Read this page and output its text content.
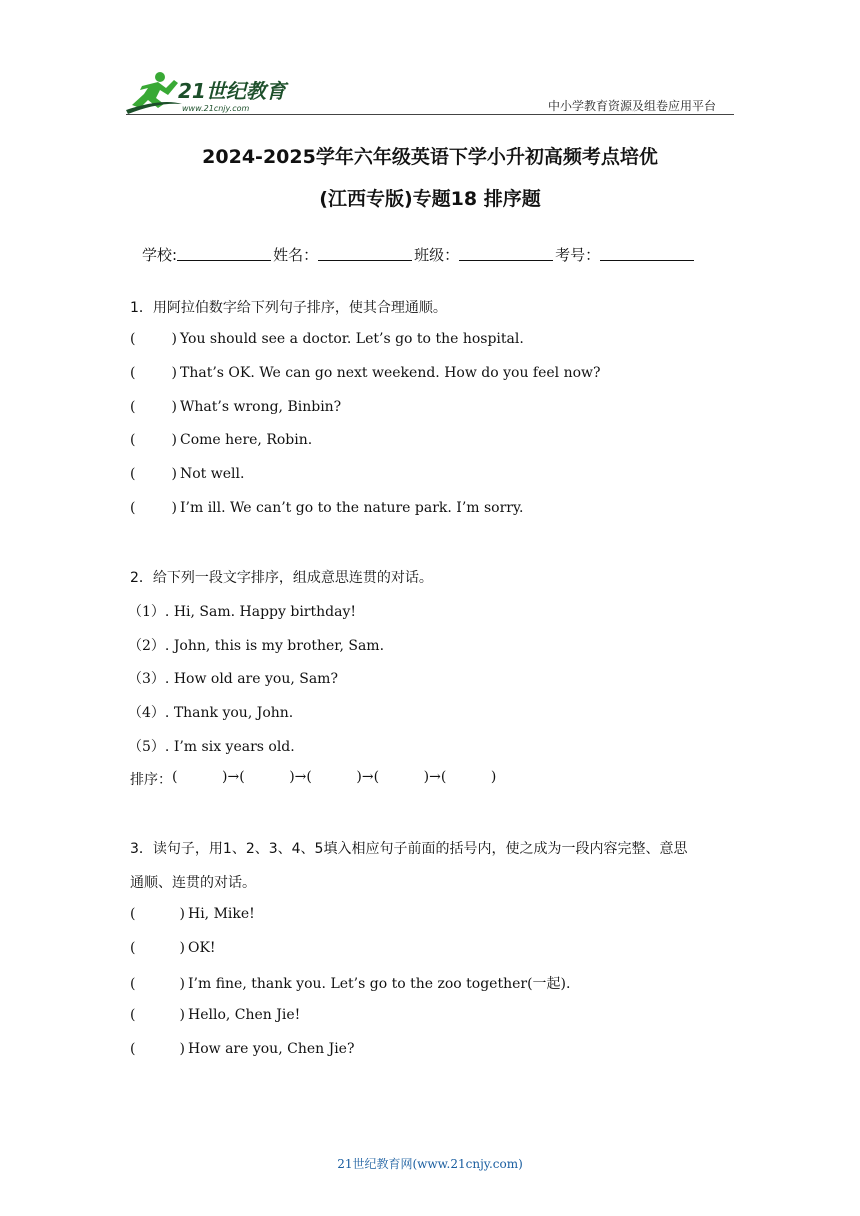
21世纪教育
www.21cnjy.com	中小学教育资源及组卷应用平台
2024-2025学年六年级英语下学小升初高频考点培优
(江西专版)专题18 排序题
学校:	姓名：	班级：	考号：
1．用阿拉伯数字给下列句子排序，使其合理通顺。
(	) You should see a doctor. Let’s go to the hospital.
(	) That’s OK. We can go next weekend. How do you feel now?
(	) What’s wrong, Binbin?
(	) Come here, Robin.
(	) Not well.
(	) I’m ill. We can’t go to the nature park. I’m sorry.
2．给下列一段文字排序，组成意思连贯的对话。
（1）. Hi, Sam. Happy birthday!
（2）. John, this is my brother, Sam.
（3）. How old are you, Sam?
（4）. Thank you, John.
（5）. I’m six years old.
排序： (	) → (	) → (	) → (	) → (	)
3．读句子，用1、2、3、4、5填入相应句子前面的括号内，使之成为一段内容完整、意思
通顺、连贯的对话。
(	) Hi, Mike!
(	) OK!
(	) I’m fine, thank you. Let’s go to the zoo together(一起).
(	) Hello, Chen Jie!
(	) How are you, Chen Jie?
21世纪教育网(www.21cnjy.com)
